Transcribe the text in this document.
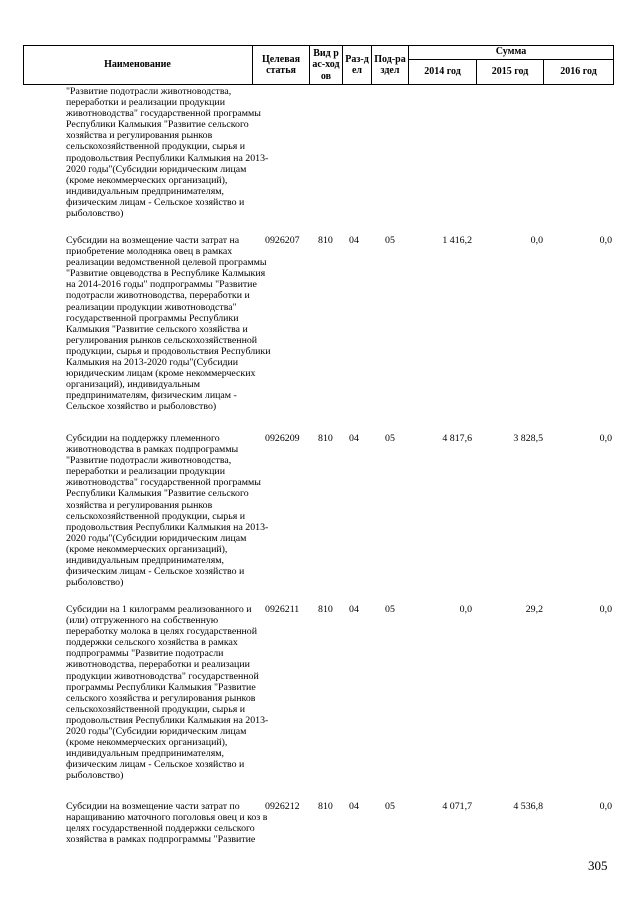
Наименование
Целевая статья
Вид рас-ходов
Раз-дел
Под-раздел
Сумма
2014 год	2015 год	2016 год
"Развитие подотрасли животноводства,
переработки и реализации продукции
животноводства" государственной программы
Республики Калмыкия "Развитие сельского
хозяйства и регулирования рынков
сельскохозяйственной продукции, сырья и
продовольствия Республики Калмыкия на 2013-
2020 годы"(Субсидии юридическим лицам
(кроме некоммерческих организаций),
индивидуальным предпринимателям,
физическим лицам - Сельское хозяйство и
рыболовство)
Субсидии на возмещение части затрат на
приобретение молодняка овец в рамках
реализации ведомственной целевой программы
"Развитие овцеводства в Республике Калмыкия
на 2014-2016 годы" подпрограммы "Развитие
подотрасли животноводства, переработки и
реализации продукции животноводства"
государственной программы Республики
Калмыкия "Развитие сельского хозяйства и
регулирования рынков сельскохозяйственной
продукции, сырья и продовольствия Республики
Калмыкия на 2013-2020 годы"(Субсидии
юридическим лицам (кроме некоммерческих
организаций), индивидуальным
предпринимателям, физическим лицам -
Сельское хозяйство и рыболовство)
0926207 810 04	05	1 416,2	0,0	0,0
Субсидии на поддержку племенного
животноводства в рамках подпрограммы
"Развитие подотрасли животноводства,
переработки и реализации продукции
животноводства" государственной программы
Республики Калмыкия "Развитие сельского
хозяйства и регулирования рынков
сельскохозяйственной продукции, сырья и
продовольствия Республики Калмыкия на 2013-
2020 годы"(Субсидии юридическим лицам
(кроме некоммерческих организаций),
индивидуальным предпринимателям,
физическим лицам - Сельское хозяйство и
рыболовство)
0926209 810 04	05	4 817,6	3 828,5	0,0
Субсидии на 1 килограмм реализованного и
(или) отгруженного на собственную
переработку молока в целях государственной
поддержки сельского хозяйства в рамках
подпрограммы "Развитие подотрасли
животноводства, переработки и реализации
продукции животноводства" государственной
программы Республики Калмыкия "Развитие
сельского хозяйства и регулирования рынков
сельскохозяйственной продукции, сырья и
продовольствия Республики Калмыкия на 2013-
2020 годы"(Субсидии юридическим лицам
(кроме некоммерческих организаций),
индивидуальным предпринимателям,
физическим лицам - Сельское хозяйство и
рыболовство)
0926211 810 04	05	0,0	29,2	0,0
Субсидии на возмещение части затрат по
наращиванию маточного поголовья овец и коз в
целях государственной поддержки сельского
хозяйства в рамках подпрограммы "Развитие
0926212 810 04	05	4 071,7	4 536,8	0,0
305
